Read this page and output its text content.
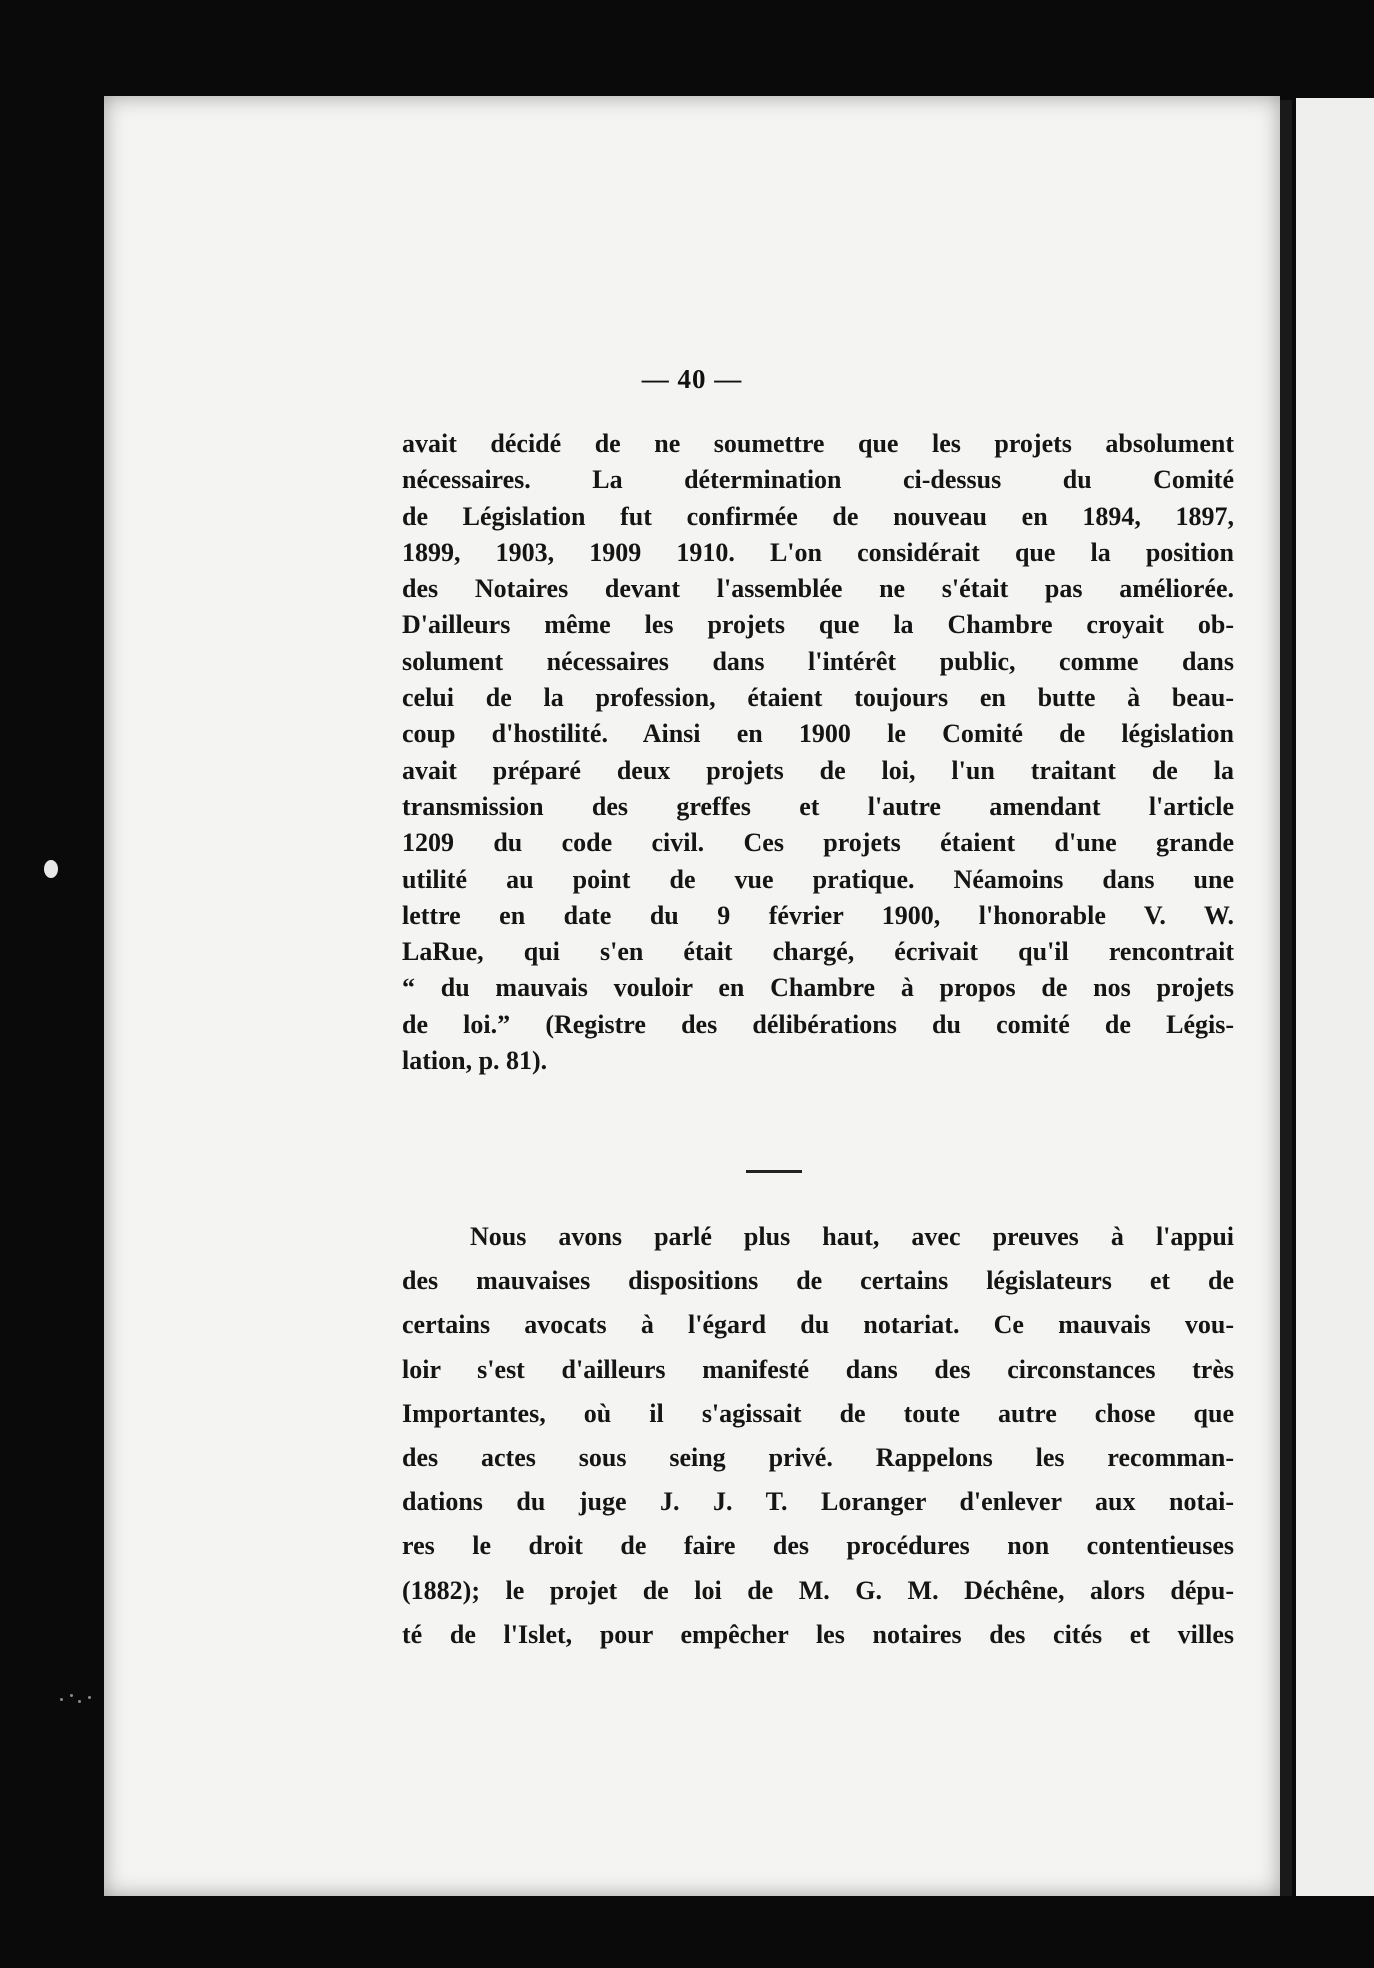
— 40 —
avait décidé de ne soumettre que les projets absolument
nécessaires. La détermination ci-dessus du Comité
de Législation fut confirmée de nouveau en 1894, 1897,
1899, 1903, 1909 1910. L'on considérait que la position
des Notaires devant l'assemblée ne s'était pas améliorée.
D'ailleurs même les projets que la Chambre croyait ob-
solument nécessaires dans l'intérêt public, comme dans
celui de la profession, étaient toujours en butte à beau-
coup d'hostilité. Ainsi en 1900 le Comité de législation
avait préparé deux projets de loi, l'un traitant de la
transmission des greffes et l'autre amendant l'article
1209 du code civil. Ces projets étaient d'une grande
utilité au point de vue pratique. Néamoins dans une
lettre en date du 9 février 1900, l'honorable V. W.
LaRue, qui s'en était chargé, écrivait qu'il rencontrait
“ du mauvais vouloir en Chambre à propos de nos projets
de loi.” (Registre des délibérations du comité de Légis-
lation, p. 81).
Nous avons parlé plus haut, avec preuves à l'appui
des mauvaises dispositions de certains législateurs et de
certains avocats à l'égard du notariat. Ce mauvais vou-
loir s'est d'ailleurs manifesté dans des circonstances très
Importantes, où il s'agissait de toute autre chose que
des actes sous seing privé. Rappelons les recomman-
dations du juge J. J. T. Loranger d'enlever aux notai-
res le droit de faire des procédures non contentieuses
(1882); le projet de loi de M. G. M. Déchêne, alors dépu-
té de l'Islet, pour empêcher les notaires des cités et villes
